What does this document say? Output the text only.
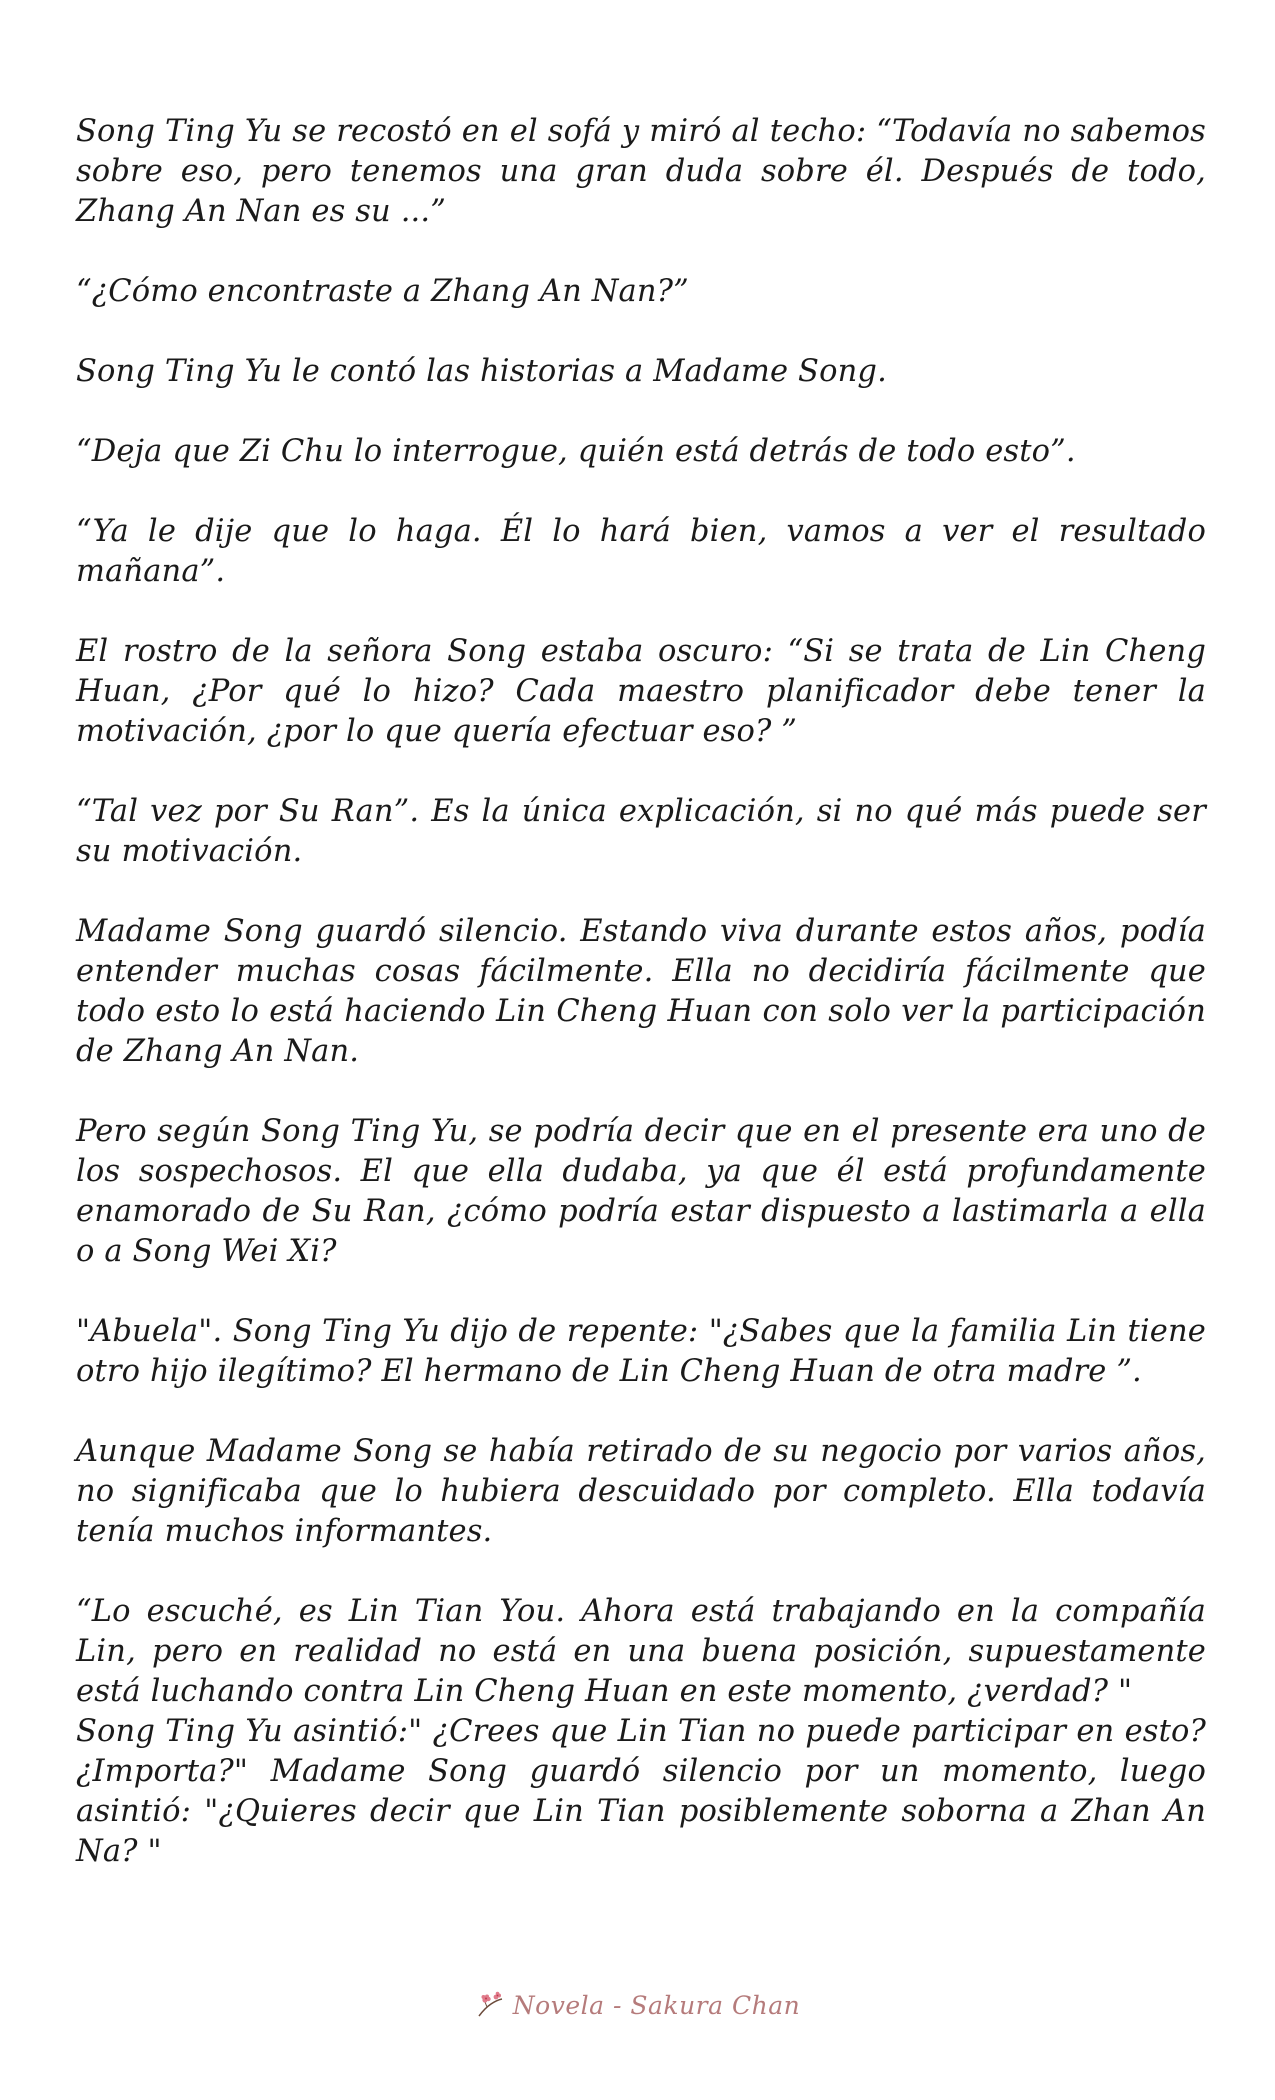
Song Ting Yu se recostó en el sofá y miró al techo: “Todavía no sabemos sobre eso, pero tenemos una gran duda sobre él. Después de todo, Zhang An Nan es su ...”

“¿Cómo encontraste a Zhang An Nan?”

Song Ting Yu le contó las historias a Madame Song.

“Deja que Zi Chu lo interrogue, quién está detrás de todo esto”.

“Ya le dije que lo haga. Él lo hará bien, vamos a ver el resultado mañana”.

El rostro de la señora Song estaba oscuro: “Si se trata de Lin Cheng Huan, ¿Por qué lo hizo? Cada maestro planificador debe tener la motivación, ¿por lo que quería efectuar eso? ”

“Tal vez por Su Ran”. Es la única explicación, si no qué más puede ser su motivación.

Madame Song guardó silencio. Estando viva durante estos años, podía entender muchas cosas fácilmente. Ella no decidiría fácilmente que todo esto lo está haciendo Lin Cheng Huan con solo ver la participación de Zhang An Nan.

Pero según Song Ting Yu, se podría decir que en el presente era uno de los sospechosos. El que ella dudaba, ya que él está profundamente enamorado de Su Ran, ¿cómo podría estar dispuesto a lastimarla a ella o a Song Wei Xi?

"Abuela". Song Ting Yu dijo de repente: "¿Sabes que la familia Lin tiene otro hijo ilegítimo? El hermano de Lin Cheng Huan de otra madre ”.

Aunque Madame Song se había retirado de su negocio por varios años, no significaba que lo hubiera descuidado por completo. Ella todavía tenía muchos informantes.

“Lo escuché, es Lin Tian You. Ahora está trabajando en la compañía Lin, pero en realidad no está en una buena posición, supuestamente está luchando contra Lin Cheng Huan en este momento, ¿verdad? "

Song Ting Yu asintió:" ¿Crees que Lin Tian no puede participar en esto? ¿Importa?" Madame Song guardó silencio por un momento, luego asintió: "¿Quieres decir que Lin Tian posiblemente soborna a Zhan An Na? "

Novela - Sakura Chan
